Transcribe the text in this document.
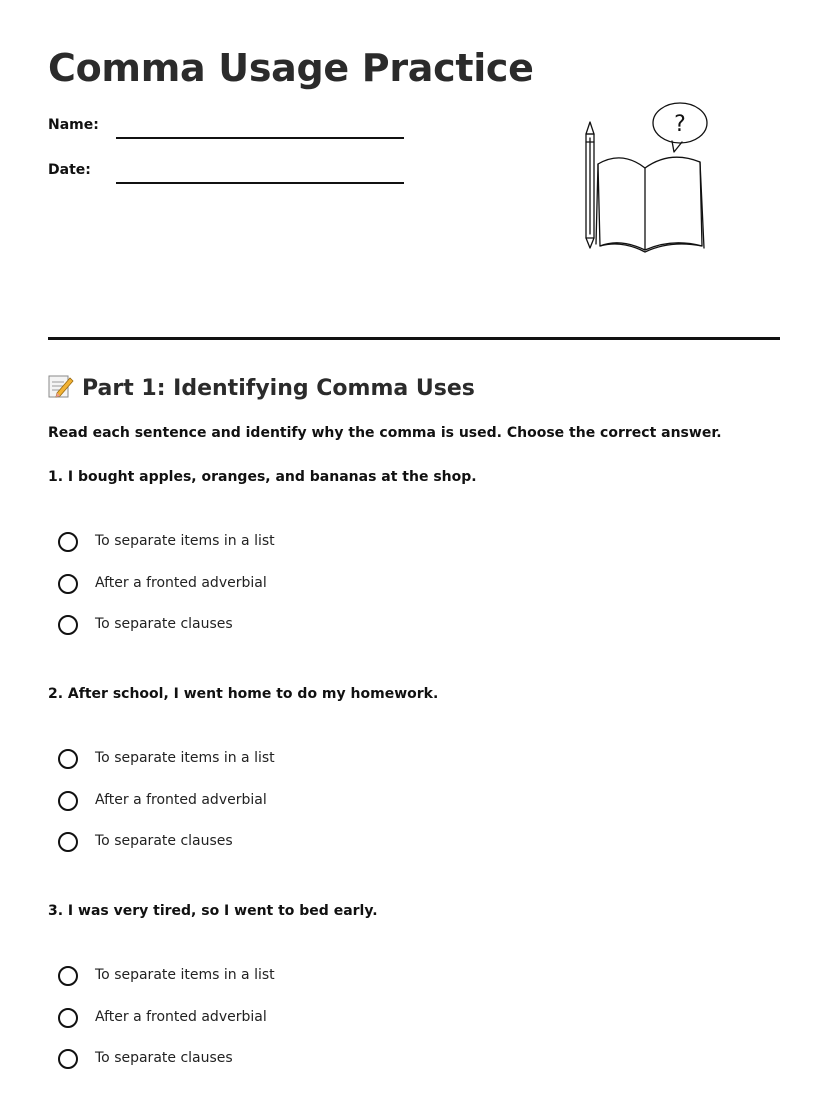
Comma Usage Practice
Name:
Date:
?
Part 1: Identifying Comma Uses

Read each sentence and identify why the comma is used. Choose the correct answer.

1. I bought apples, oranges, and bananas at the shop.

To separate items in a list
After a fronted adverbial
To separate clauses

2. After school, I went home to do my homework.

To separate items in a list
After a fronted adverbial
To separate clauses

3. I was very tired, so I went to bed early.

To separate items in a list
After a fronted adverbial
To separate clauses
